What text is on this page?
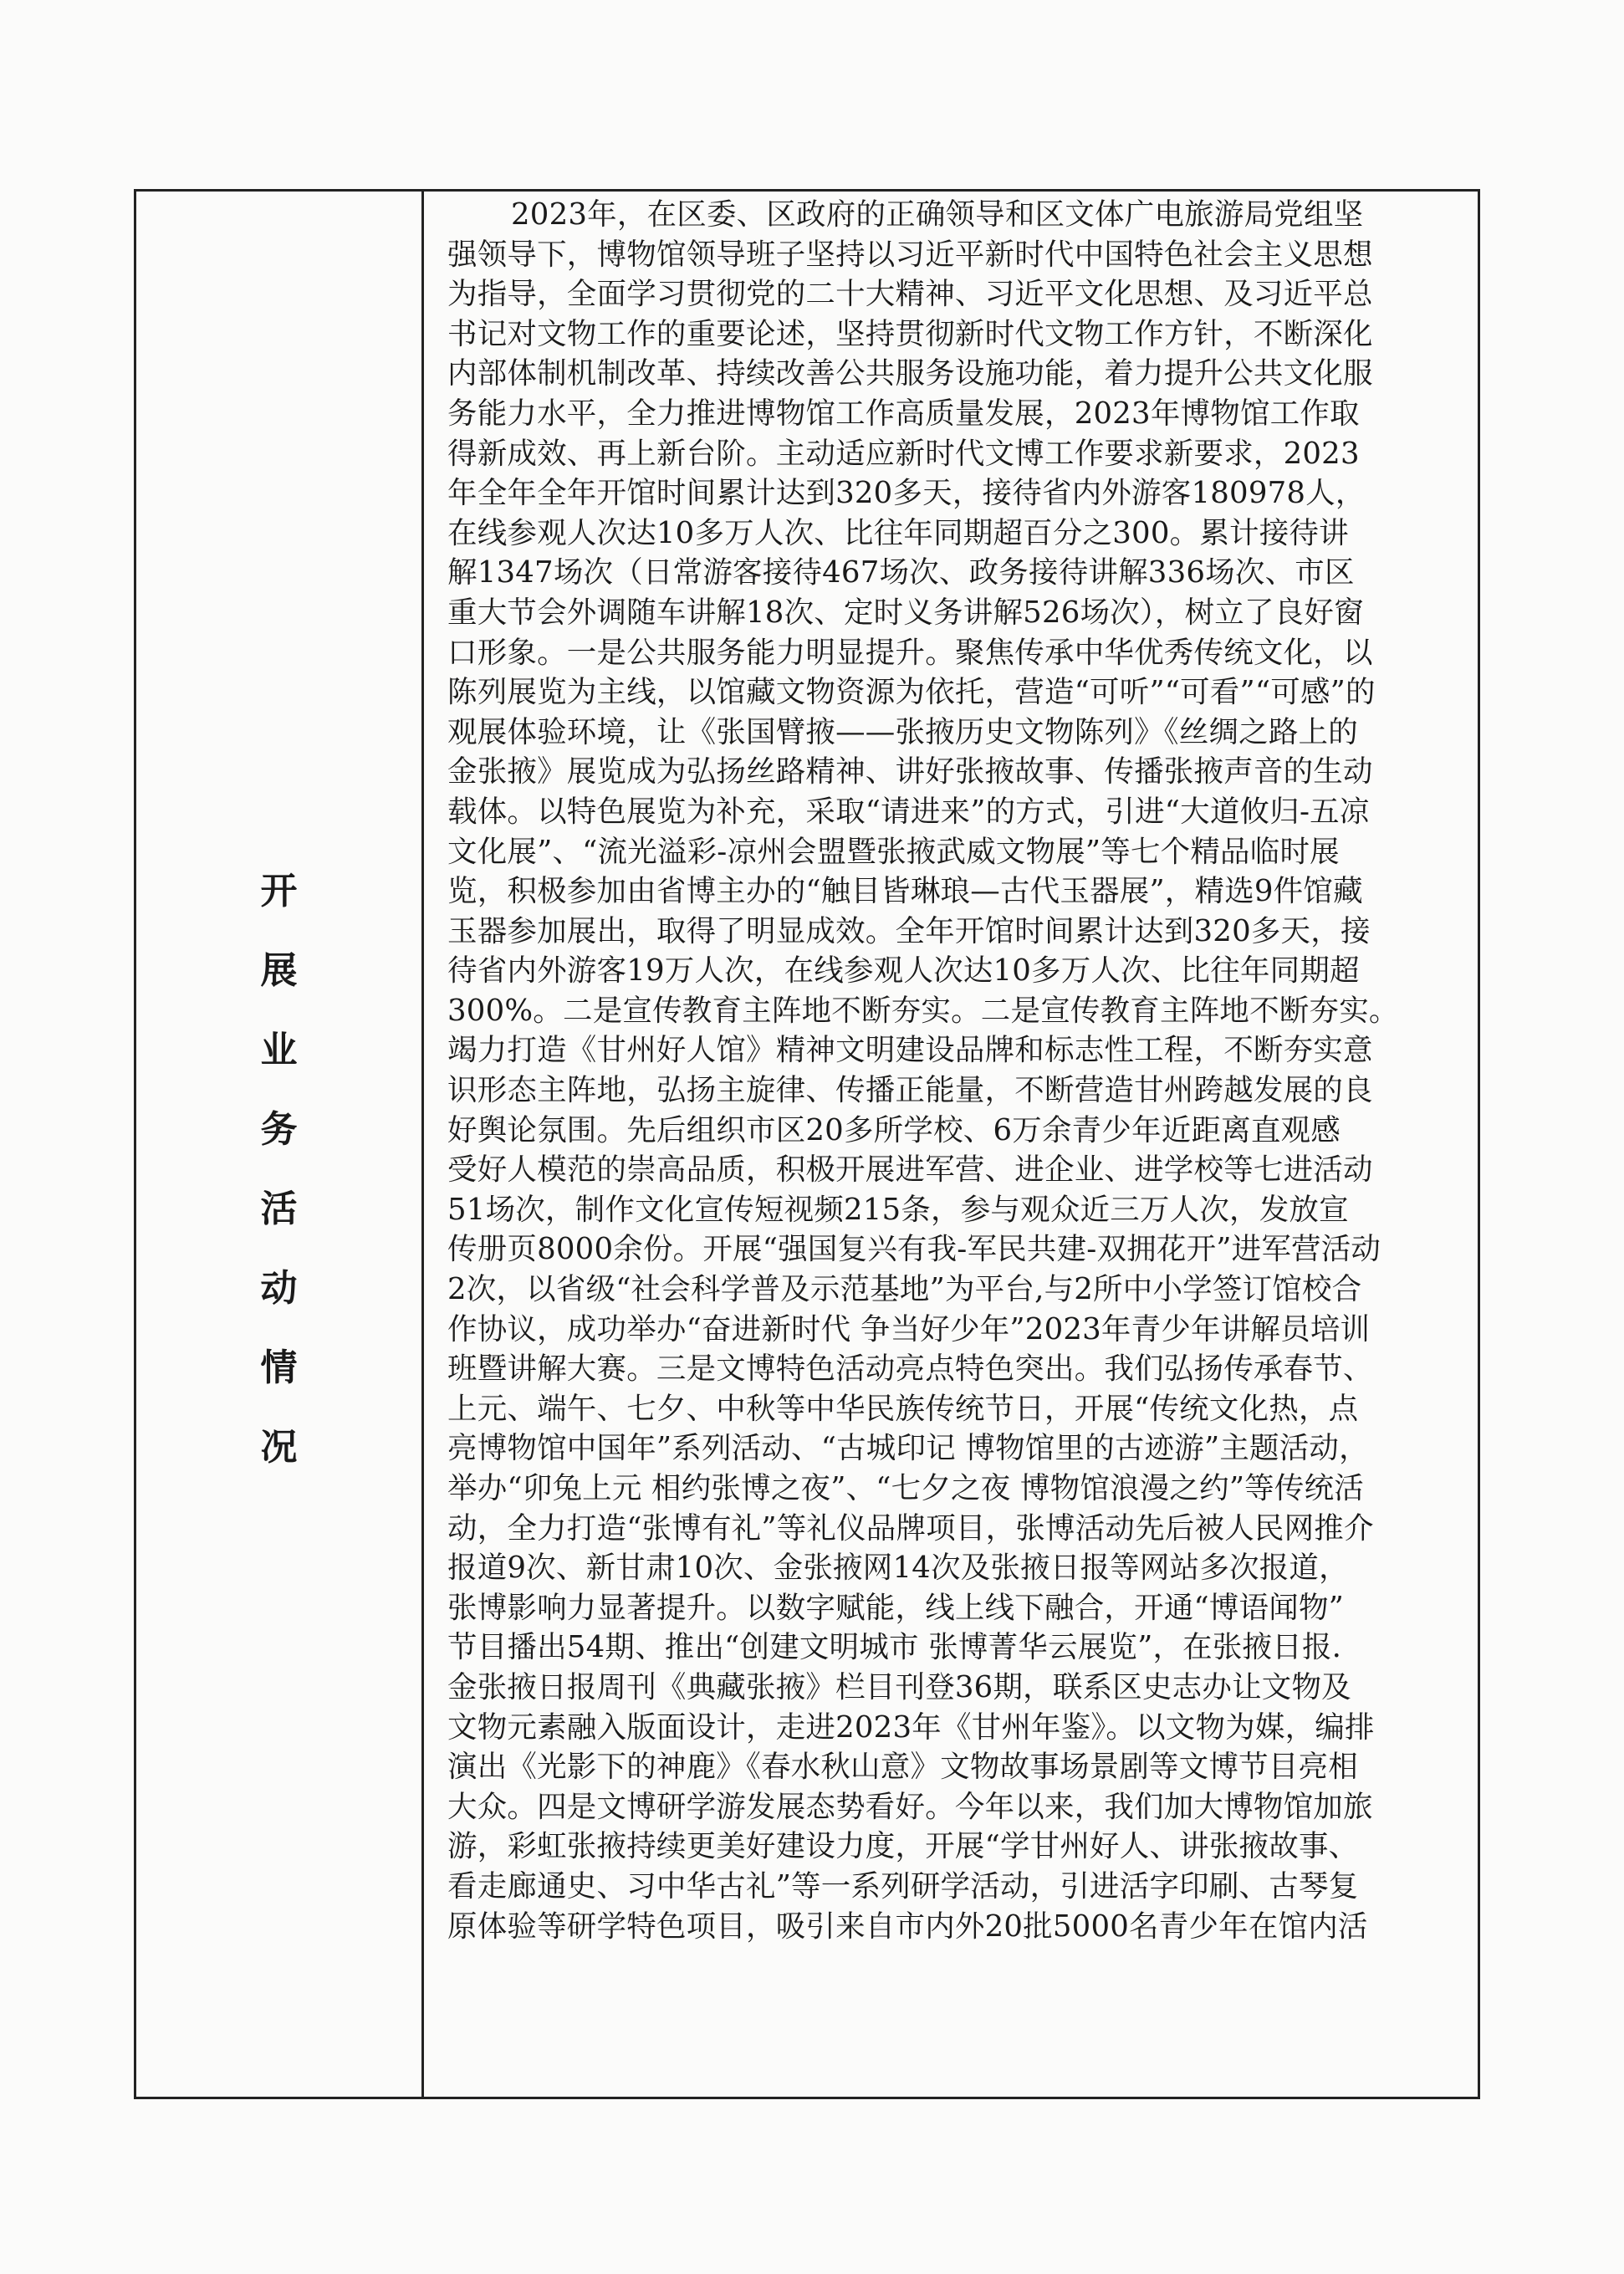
开
展
业
务
活
动
情
况
2023年，在区委、区政府的正确领导和区文体广电旅游局党组坚
强领导下，博物馆领导班子坚持以习近平新时代中国特色社会主义思想
为指导，全面学习贯彻党的二十大精神、习近平文化思想、及习近平总
书记对文物工作的重要论述，坚持贯彻新时代文物工作方针，不断深化
内部体制机制改革、持续改善公共服务设施功能，着力提升公共文化服
务能力水平，全力推进博物馆工作高质量发展，2023年博物馆工作取
得新成效、再上新台阶。主动适应新时代文博工作要求新要求，2023
年全年全年开馆时间累计达到320多天，接待省内外游客180978人，
在线参观人次达10多万人次、比往年同期超百分之300。累计接待讲
解1347场次（日常游客接待467场次、政务接待讲解336场次、市区
重大节会外调随车讲解18次、定时义务讲解526场次），树立了良好窗
口形象。一是公共服务能力明显提升。聚焦传承中华优秀传统文化，以
陈列展览为主线，以馆藏文物资源为依托，营造“可听”“可看”“可感”的
观展体验环境，让《张国臂掖——张掖历史文物陈列》《丝绸之路上的
金张掖》展览成为弘扬丝路精神、讲好张掖故事、传播张掖声音的生动
载体。以特色展览为补充，采取“请进来”的方式，引进“大道攸归-五凉
文化展”、“流光溢彩-凉州会盟暨张掖武威文物展”等七个精品临时展
览，积极参加由省博主办的“触目皆琳琅—古代玉器展”，精选9件馆藏
玉器参加展出，取得了明显成效。全年开馆时间累计达到320多天，接
待省内外游客19万人次，在线参观人次达10多万人次、比往年同期超
300%。二是宣传教育主阵地不断夯实。二是宣传教育主阵地不断夯实。
竭力打造《甘州好人馆》精神文明建设品牌和标志性工程，不断夯实意
识形态主阵地，弘扬主旋律、传播正能量，不断营造甘州跨越发展的良
好舆论氛围。先后组织市区20多所学校、6万余青少年近距离直观感
受好人模范的崇高品质，积极开展进军营、进企业、进学校等七进活动
51场次，制作文化宣传短视频215条，参与观众近三万人次，发放宣
传册页8000余份。开展“强国复兴有我-军民共建-双拥花开”进军营活动
2次，以省级“社会科学普及示范基地”为平台,与2所中小学签订馆校合
作协议，成功举办“奋进新时代 争当好少年”2023年青少年讲解员培训
班暨讲解大赛。三是文博特色活动亮点特色突出。我们弘扬传承春节、
上元、端午、七夕、中秋等中华民族传统节日，开展“传统文化热，点
亮博物馆中国年”系列活动、“古城印记 博物馆里的古迹游”主题活动，
举办“卯兔上元 相约张博之夜”、“七夕之夜 博物馆浪漫之约”等传统活
动，全力打造“张博有礼”等礼仪品牌项目，张博活动先后被人民网推介
报道9次、新甘肃10次、金张掖网14次及张掖日报等网站多次报道，
张博影响力显著提升。以数字赋能，线上线下融合，开通“博语闻物”
节目播出54期、推出“创建文明城市 张博菁华云展览”，在张掖日报.
金张掖日报周刊《典藏张掖》栏目刊登36期，联系区史志办让文物及
文物元素融入版面设计，走进2023年《甘州年鉴》。以文物为媒，编排
演出《光影下的神鹿》《春水秋山意》文物故事场景剧等文博节目亮相
大众。四是文博研学游发展态势看好。今年以来，我们加大博物馆加旅
游，彩虹张掖持续更美好建设力度，开展“学甘州好人、讲张掖故事、
看走廊通史、习中华古礼”等一系列研学活动，引进活字印刷、古琴复
原体验等研学特色项目，吸引来自市内外20批5000名青少年在馆内活
